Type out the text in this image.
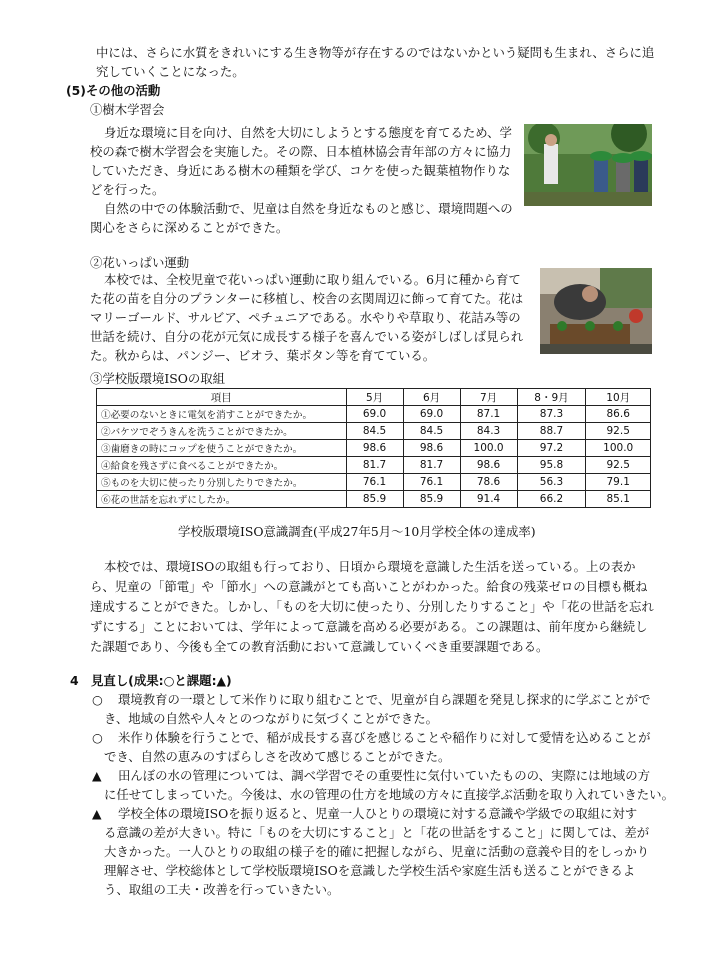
中には、さらに水質をきれいにする生き物等が存在するのではないかという疑問も生まれ、さらに追
究していくことになった。
(5)その他の活動
①樹木学習会
身近な環境に目を向け、自然を大切にしようとする態度を育てるため、学
校の森で樹木学習会を実施した。その際、日本植林協会青年部の方々に協力
していただき、身近にある樹木の種類を学び、コケを使った観葉植物作りな
どを行った。
自然の中での体験活動で、児童は自然を身近なものと感じ、環境問題への
関心をさらに深めることができた。
②花いっぱい運動
本校では、全校児童で花いっぱい運動に取り組んでいる。6月に種から育て
た花の苗を自分のプランターに移植し、校舎の玄関周辺に飾って育てた。花は
マリーゴールド、サルビア、ペチュニアである。水やりや草取り、花詰み等の
世話を続け、自分の花が元気に成長する様子を喜んでいる姿がしばしば見られ
た。秋からは、パンジー、ビオラ、葉ボタン等を育てている。
③学校版環境ISOの取組
項目	5月	6月	7月	8・9月	10月
①必要のないときに電気を消すことができたか。	69.0	69.0	87.1	87.3	86.6
②バケツでぞうきんを洗うことができたか。	84.5	84.5	84.3	88.7	92.5
③歯磨きの時にコップを使うことができたか。	98.6	98.6	100.0	97.2	100.0
④給食を残さずに食べることができたか。	81.7	81.7	98.6	95.8	92.5
⑤ものを大切に使ったり分別したりできたか。	76.1	76.1	78.6	56.3	79.1
⑥花の世話を忘れずにしたか。	85.9	85.9	91.4	66.2	85.1
学校版環境ISO意識調査(平成27年5月〜10月学校全体の達成率)
本校では、環境ISOの取組も行っており、日頃から環境を意識した生活を送っている。上の表か
ら、児童の「節電」や「節水」への意識がとても高いことがわかった。給食の残菜ゼロの目標も概ね
達成することができた。しかし、「ものを大切に使ったり、分別したりすること」や「花の世話を忘れ
ずにする」ことにおいては、学年によって意識を高める必要がある。この課題は、前年度から継続し
た課題であり、今後も全ての教育活動において意識していくべき重要課題である。
4　見直し(成果:○と課題:▲)
○ 環境教育の一環として米作りに取り組むことで、児童が自ら課題を発見し探求的に学ぶことがで
き、地域の自然や人々とのつながりに気づくことができた。
○ 米作り体験を行うことで、稲が成長する喜びを感じることや稲作りに対して愛情を込めることが
でき、自然の恵みのすばらしさを改めて感じることができた。
▲ 田んぼの水の管理については、調べ学習でその重要性に気付いていたものの、実際には地域の方
に任せてしまっていた。今後は、水の管理の仕方を地域の方々に直接学ぶ活動を取り入れていきたい。
▲ 学校全体の環境ISOを振り返ると、児童一人ひとりの環境に対する意識や学級での取組に対す
る意識の差が大きい。特に「ものを大切にすること」と「花の世話をすること」に関しては、差が
大きかった。一人ひとりの取組の様子を的確に把握しながら、児童に活動の意義や目的をしっかり
理解させ、学校総体として学校版環境ISOを意識した学校生活や家庭生活も送ることができるよ
う、取組の工夫・改善を行っていきたい。
